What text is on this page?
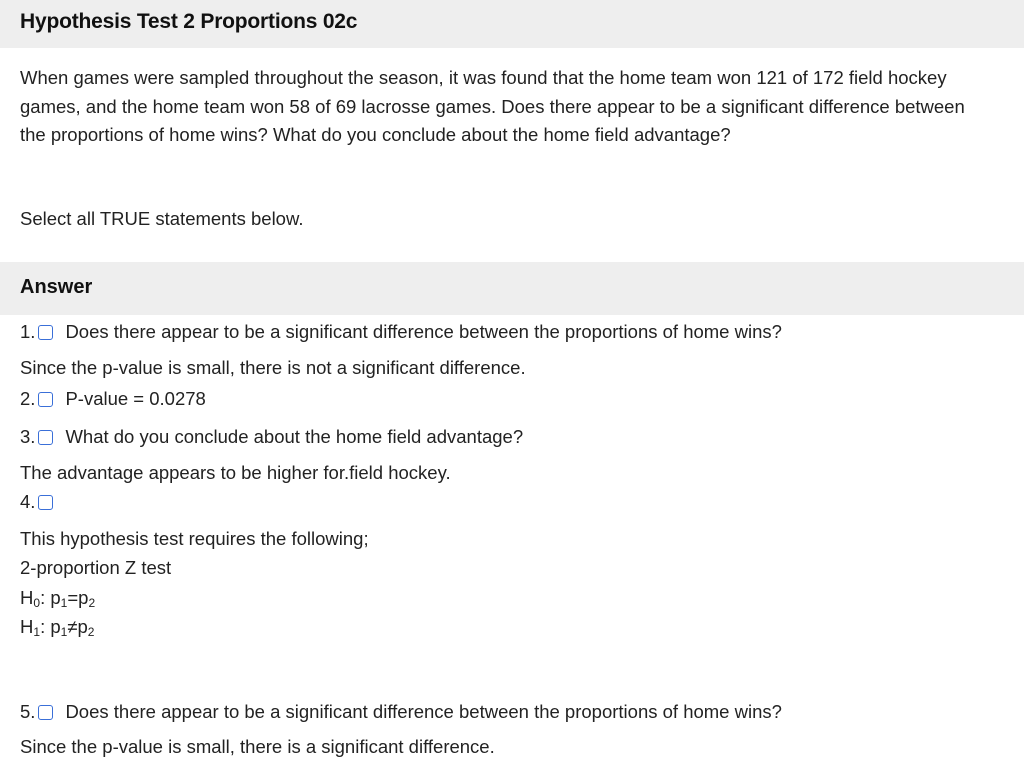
Hypothesis Test 2 Proportions 02c

When games were sampled throughout the season, it was found that the home team won 121 of 172 field hockey games, and the home team won 58 of 69 lacrosse games. Does there appear to be a significant difference between the proportions of home wins? What do you conclude about the home field advantage?

Select all TRUE statements below.

Answer
1. Does there appear to be a significant difference between the proportions of home wins?
Since the p-value is small, there is not a significant difference.
2. P-value = 0.0278
3. What do you conclude about the home field advantage?
The advantage appears to be higher for.field hockey.
4.
This hypothesis test requires the following;
2-proportion Z test
$H_0$: $p_1=p_2$
$H_1$: $p_1\ne p_2$
5. Does there appear to be a significant difference between the proportions of home wins?
Since the p-value is small, there is a significant difference.
